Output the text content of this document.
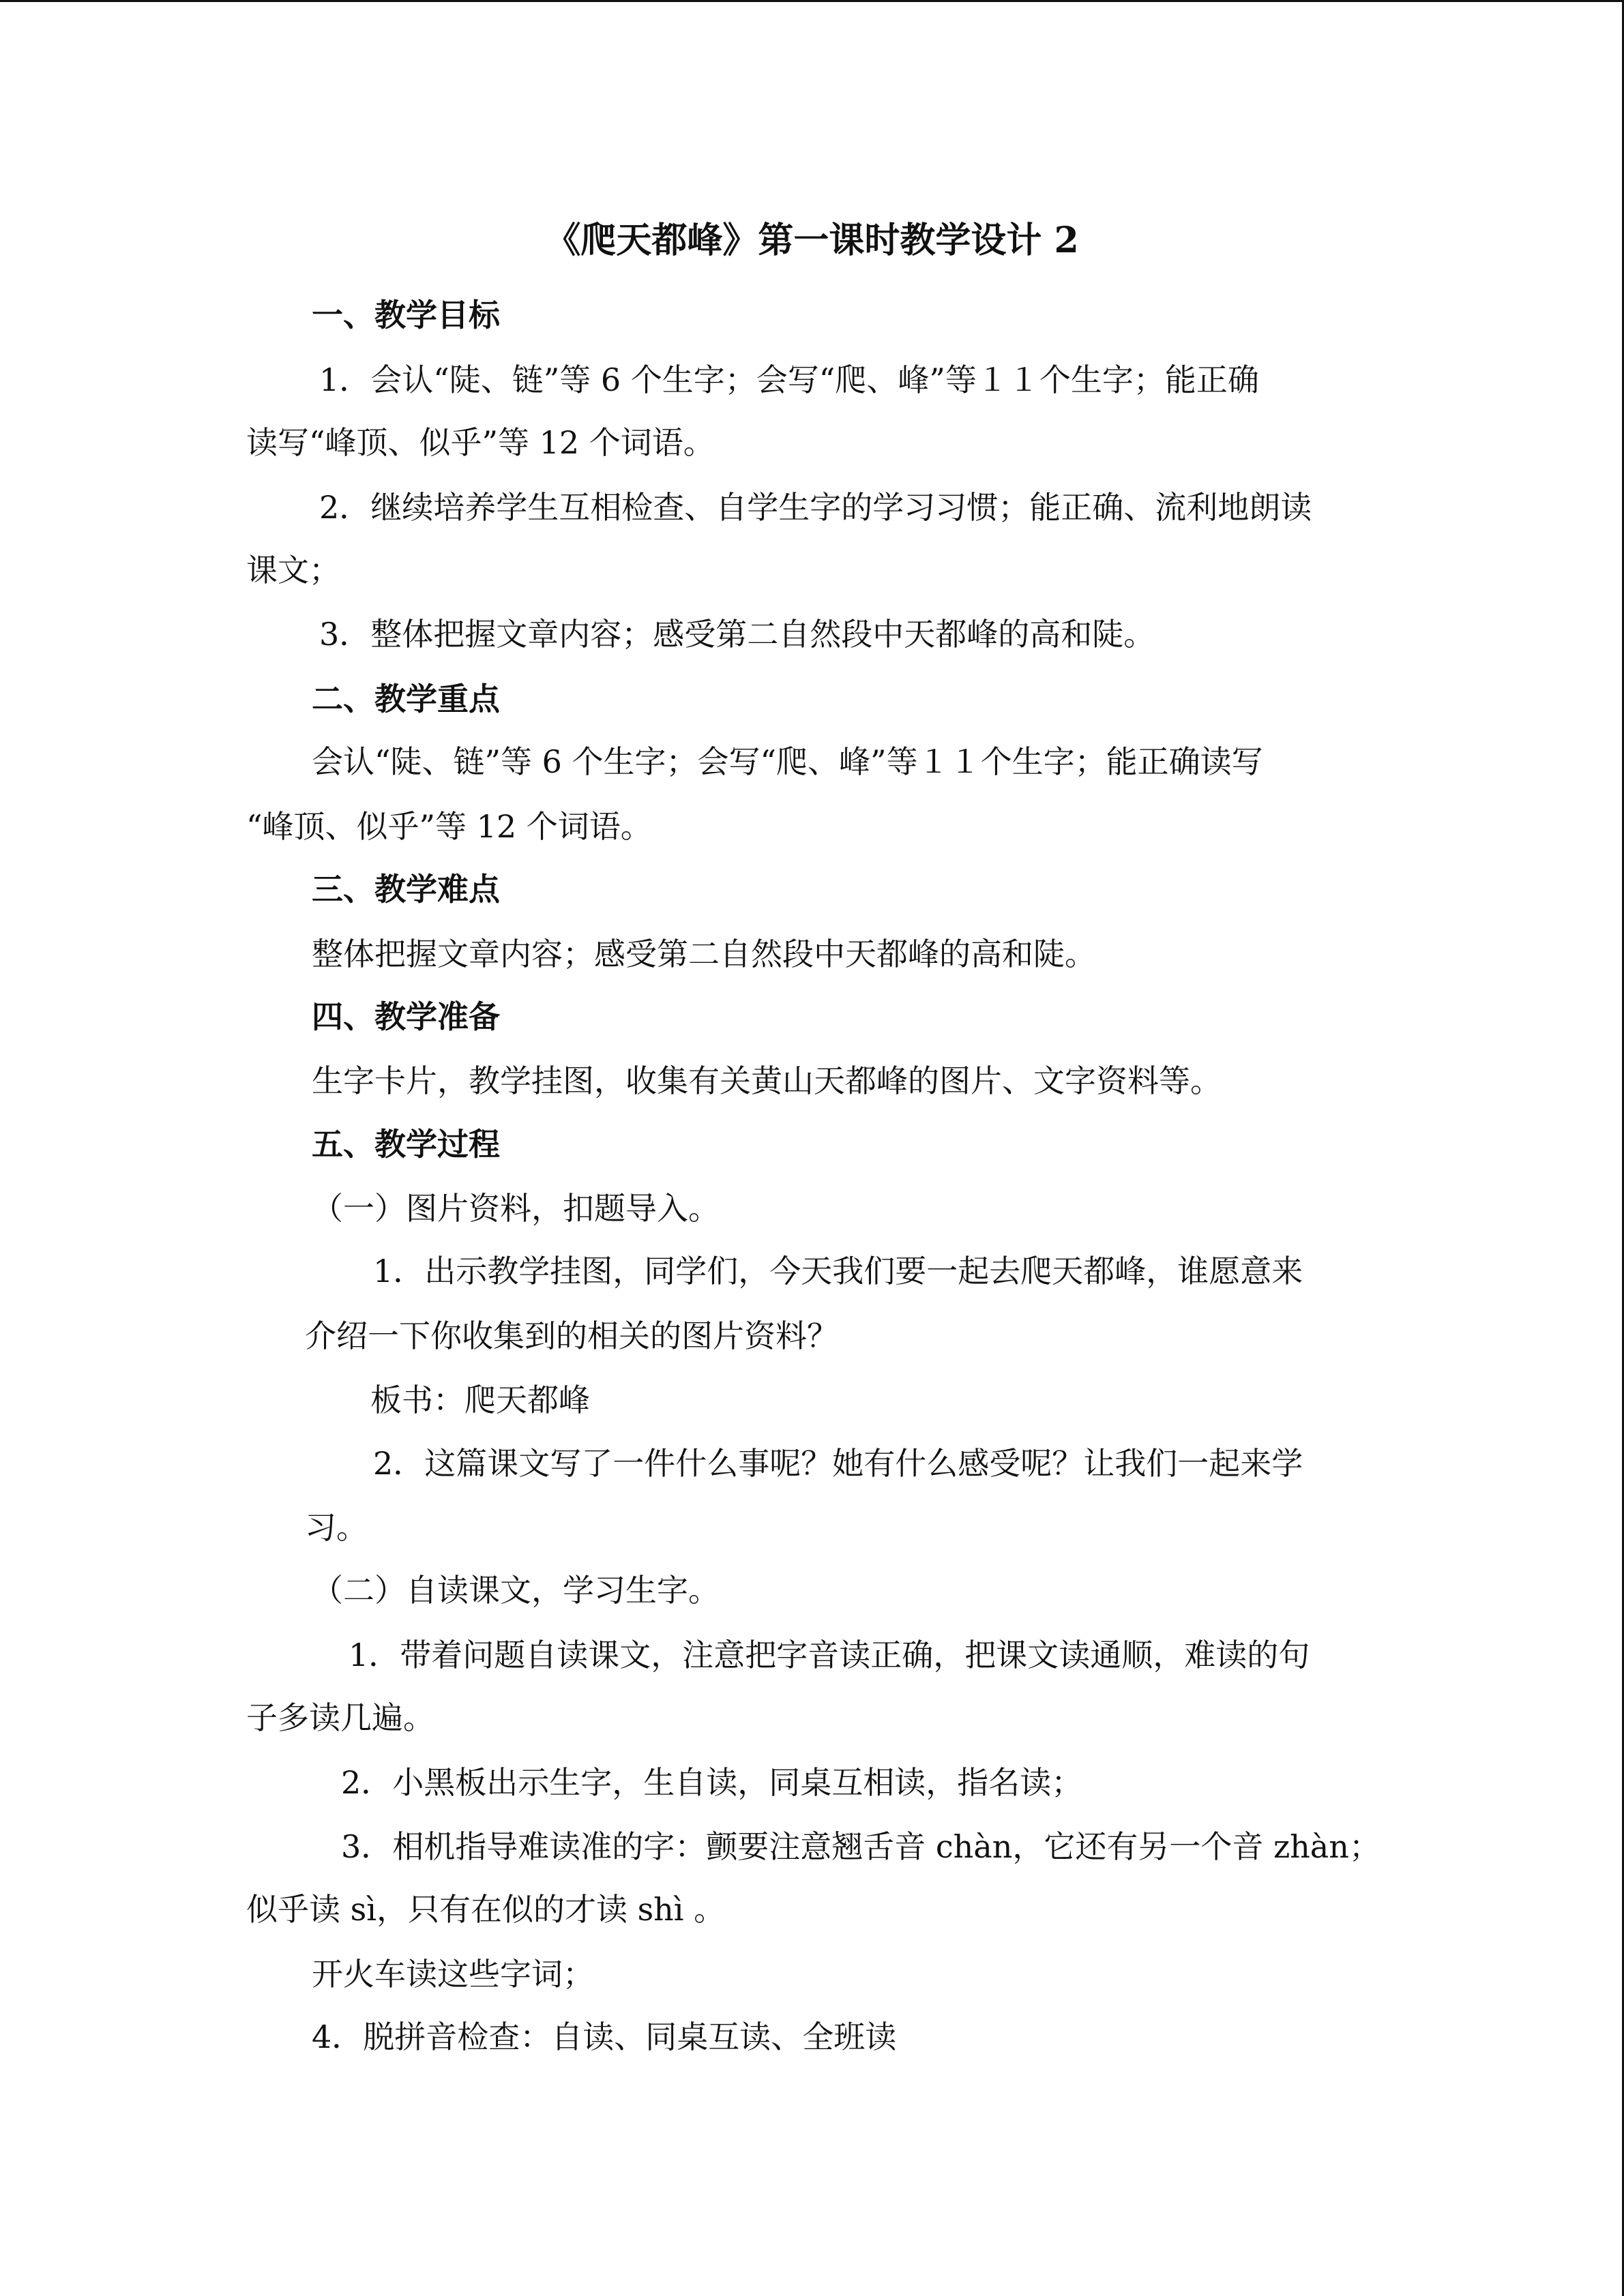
《爬天都峰》第一课时教学设计 2
一、教学目标
1．会认“陡、链”等 6 个生字；会写“爬、峰”等１１个生字；能正确
读写“峰顶、似乎”等 12 个词语。
2．继续培养学生互相检查、自学生字的学习习惯；能正确、流利地朗读
课文；
3．整体把握文章内容；感受第二自然段中天都峰的高和陡。
二、教学重点
会认“陡、链”等 6 个生字；会写“爬、峰”等１１个生字；能正确读写
“峰顶、似乎”等 12 个词语。
三、教学难点
整体把握文章内容；感受第二自然段中天都峰的高和陡。
四、教学准备
生字卡片，教学挂图，收集有关黄山天都峰的图片、文字资料等。
五、教学过程
（一）图片资料，扣题导入。
1．出示教学挂图，同学们，今天我们要一起去爬天都峰，谁愿意来
介绍一下你收集到的相关的图片资料？
板书：爬天都峰
2．这篇课文写了一件什么事呢？她有什么感受呢？让我们一起来学
习。
（二）自读课文，学习生字。
1．带着问题自读课文，注意把字音读正确，把课文读通顺，难读的句
子多读几遍。
2．小黑板出示生字，生自读，同桌互相读，指名读；
3．相机指导难读准的字：颤要注意翘舌音 chàn，它还有另一个音 zhàn；
似乎读 sì，只有在似的才读 shì 。
开火车读这些字词；
4．脱拼音检查：自读、同桌互读、全班读
